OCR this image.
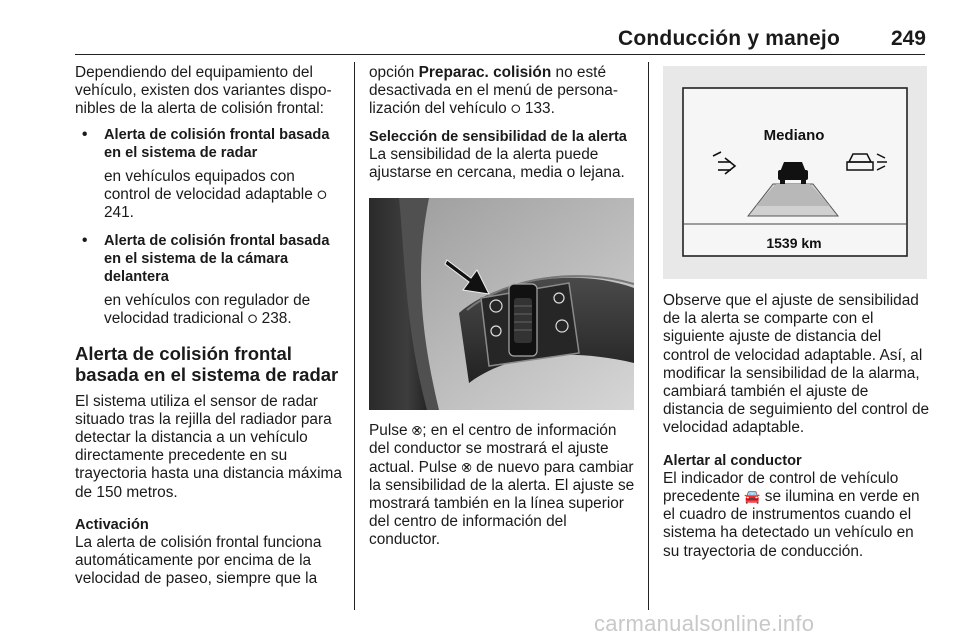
Conducción y manejo 249

Dependiendo del equipamiento del vehículo, existen dos variantes disponibles de la alerta de colisión frontal:

• Alerta de colisión frontal basada en el sistema de radar
en vehículos equipados con control de velocidad adaptable ⭘ 241.
• Alerta de colisión frontal basada en el sistema de la cámara delantera
en vehículos con regulador de velocidad tradicional ⭘ 238.
Alerta de colisión frontal basada en el sistema de radar

El sistema utiliza el sensor de radar situado tras la rejilla del radiador para detectar la distancia a un vehículo directamente precedente en su trayectoria hasta una distancia máxima de 150 metros.

Activación

La alerta de colisión frontal funciona automáticamente por encima de la velocidad de paseo, siempre que la

opción Preparac. colisión no esté desactivada en el menú de personalización del vehículo ⭘ 133.

Selección de sensibilidad de la alerta

La sensibilidad de la alerta puede ajustarse en cercana, media o lejana.

Pulse ⮿; en el centro de información del conductor se mostrará el ajuste actual. Pulse ⮿ de nuevo para cambiar la sensibilidad de la alerta. El ajuste se mostrará también en la línea superior del centro de información del conductor.

Mediano
1539 km

Observe que el ajuste de sensibilidad de la alerta se comparte con el siguiente ajuste de distancia del control de velocidad adaptable. Así, al modificar la sensibilidad de la alarma, cambiará también el ajuste de distancia de seguimiento del control de velocidad adaptable.

Alertar al conductor

El indicador de control de vehículo precedente 🚘 se ilumina en verde en el cuadro de instrumentos cuando el sistema ha detectado un vehículo en su trayectoria de conducción.

carmanualsonline.info
